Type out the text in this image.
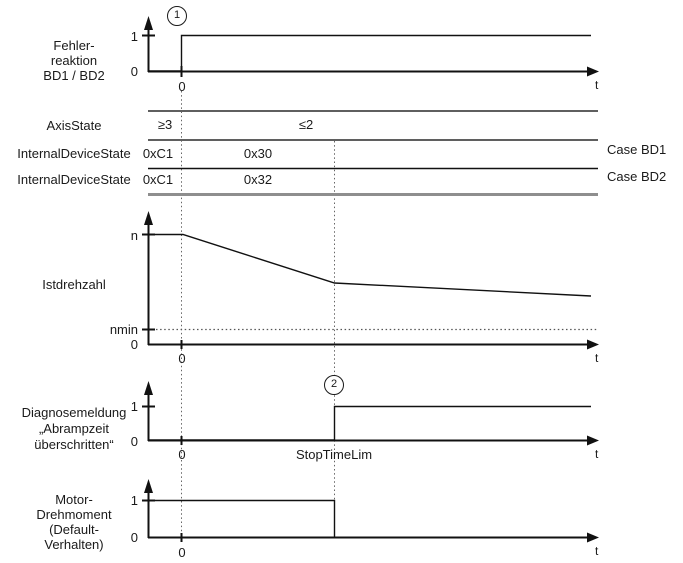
1
2
Fehler-
reaktion
BD1 / BD2
1
0
0	t
AxisState	≥3	≤2
InternalDeviceState 0xC1	0x30	Case BD1
InternalDeviceState 0xC1	0x32	Case BD2
Istdrehzahl
n
nmin
0
0	t
Diagnosemeldung
„Abrampzeit
überschritten“
1
0
0	StopTimeLim	t
Motor-
Drehmoment
(Default-
Verhalten)
1
0
0	t
